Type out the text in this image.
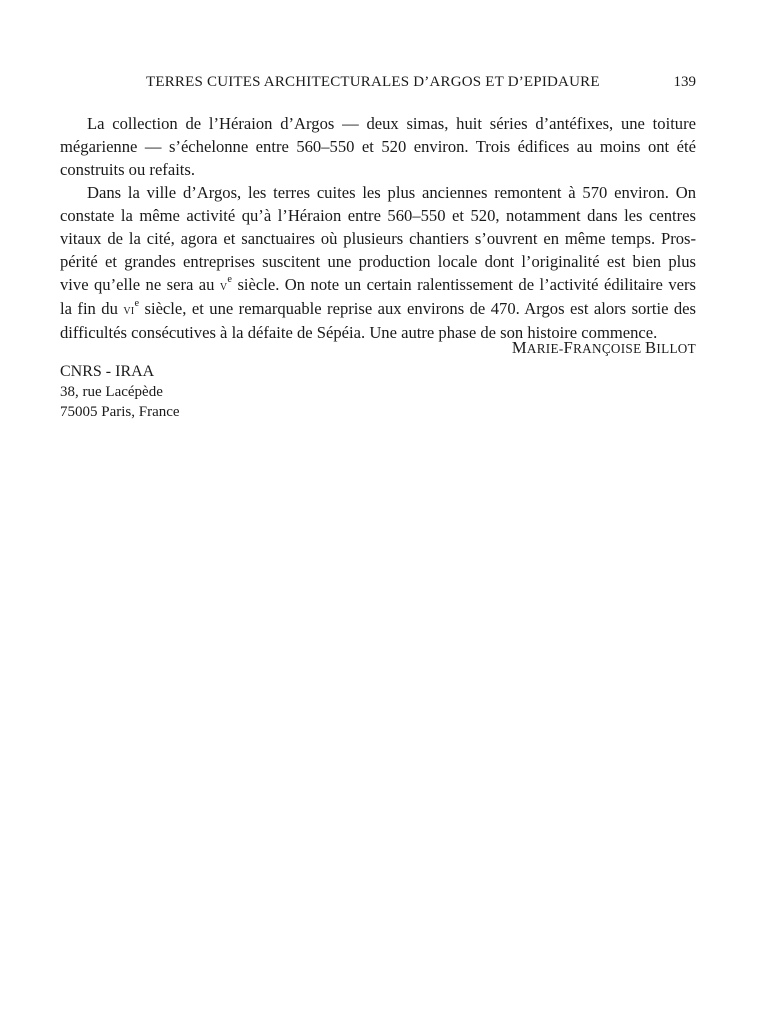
TERRES CUITES ARCHITECTURALES D’ARGOS ET D’EPIDAURE	139

La collection de l’Héraion d’Argos — deux simas, huit séries d’antéfixes, une toiture
mégarienne — s’échelonne entre 560–550 et 520 environ. Trois édifices au moins ont été
construits ou refaits.

Dans la ville d’Argos, les terres cuites les plus anciennes remontent à 570 environ. On
constate la même activité qu’à l’Héraion entre 560–550 et 520, notamment dans les centres
vitaux de la cité, agora et sanctuaires où plusieurs chantiers s’ouvrent en même temps. Pros-
périté et grandes entreprises suscitent une production locale dont l’originalité est bien plus
vive qu’elle ne sera au $v^e$ siècle. On note un certain ralentissement de l’activité édilitaire vers
la fin du $vi^e$ siècle, et une remarquable reprise aux environs de 470. Argos est alors sortie des
difficultés consécutives à la défaite de Sépéia. Une autre phase de son histoire commence.

MARIE-FRANÇOISE BILLOT
CNRS - IRAA
38, rue Lacépède
75005 Paris, France
